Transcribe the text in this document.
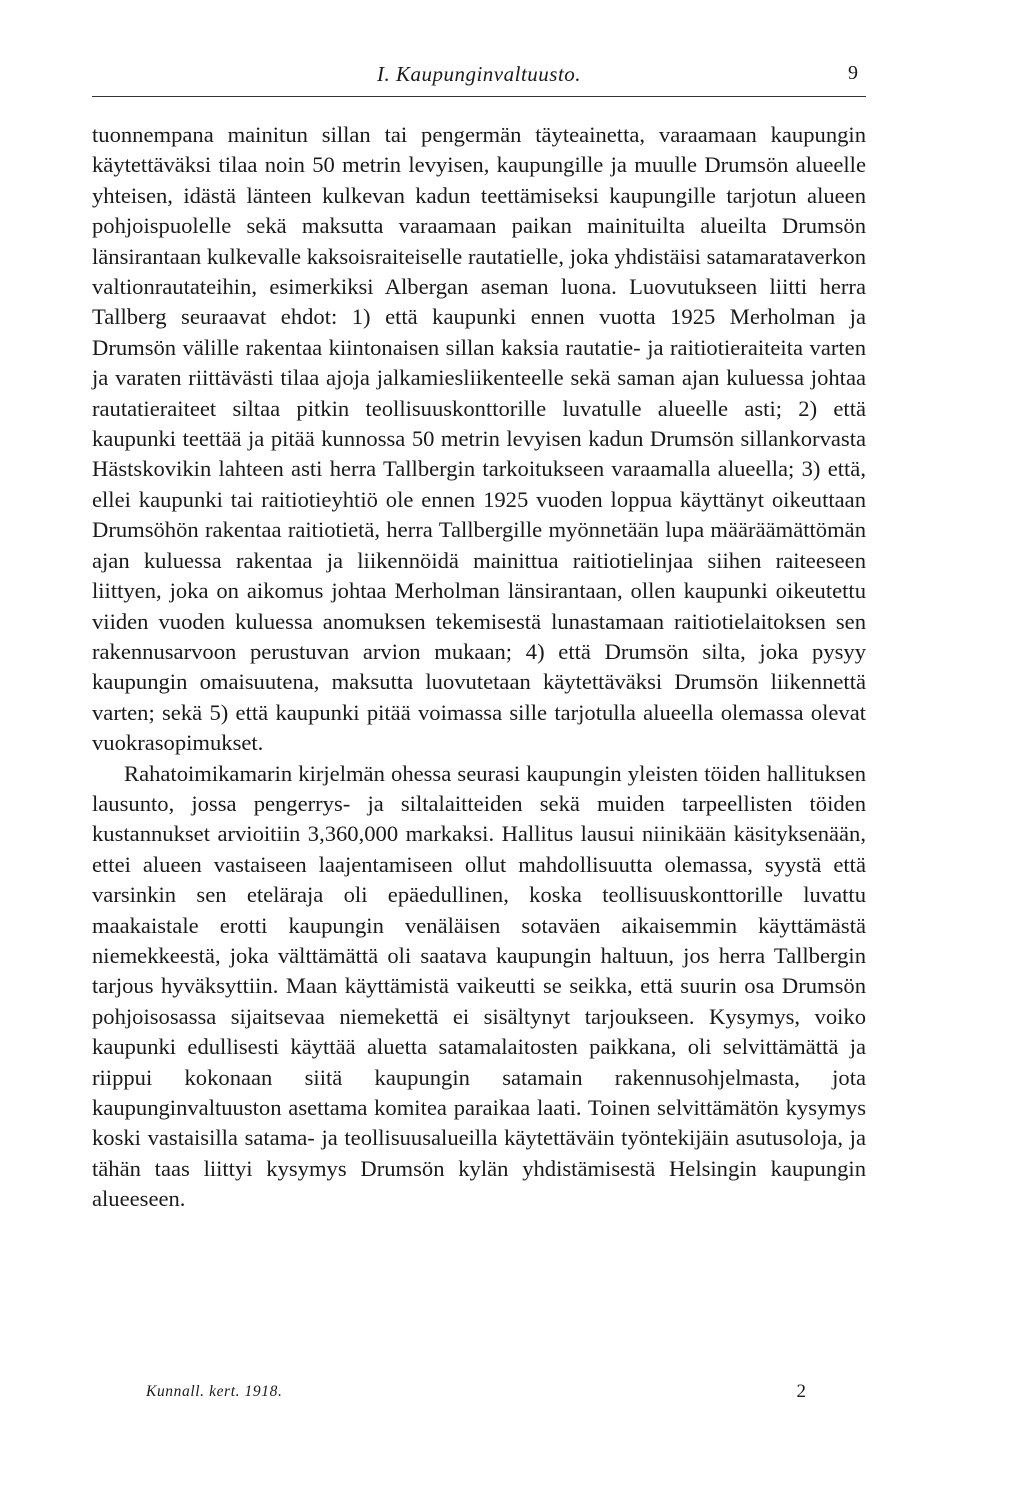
I. Kaupunginvaltuusto.	9

tuonnempana mainitun sillan tai pengermän täyteainetta, varaamaan kaupungin käytettäväksi tilaa noin 50 metrin levyisen, kaupungille ja muulle Drumsön alueelle yhteisen, idästä länteen kulkevan kadun teettämiseksi kaupungille tarjotun alueen pohjoispuolelle sekä maksutta varaamaan paikan mainituilta alueilta Drumsön länsirantaan kulkevalle kaksoisraiteiselle rautatielle, joka yhdistäisi satamarataverkon valtionrautateihin, esimerkiksi Albergan aseman luona. Luovutukseen liitti herra Tallberg seuraavat ehdot: 1) että kaupunki ennen vuotta 1925 Merholman ja Drumsön välille rakentaa kiintonaisen sillan kaksia rautatie- ja raitiotieraiteita varten ja varaten riittävästi tilaa ajoja jalkamiesliikenteelle sekä saman ajan kuluessa johtaa rautatieraiteet siltaa pitkin teollisuuskonttorille luvatulle alueelle asti; 2) että kaupunki teettää ja pitää kunnossa 50 metrin levyisen kadun Drumsön sillankorvasta Hästskovikin lahteen asti herra Tallbergin tarkoitukseen varaamalla alueella; 3) että, ellei kaupunki tai raitiotieyhtiö ole ennen 1925 vuoden loppua käyttänyt oikeuttaan Drumsöhön rakentaa raitiotietä, herra Tallbergille myönnetään lupa määräämättömän ajan kuluessa rakentaa ja liikennöidä mainittua raitiotielinjaa siihen raiteeseen liittyen, joka on aikomus johtaa Merholman länsirantaan, ollen kaupunki oikeutettu viiden vuoden kuluessa anomuksen tekemisestä lunastamaan raitiotielaitoksen sen rakennusarvoon perustuvan arvion mukaan; 4) että Drumsön silta, joka pysyy kaupungin omaisuutena, maksutta luovutetaan käytettäväksi Drumsön liikennettä varten; sekä 5) että kaupunki pitää voimassa sille tarjotulla alueella olemassa olevat vuokrasopimukset.

Rahatoimikamarin kirjelmän ohessa seurasi kaupungin yleisten töiden hallituksen lausunto, jossa pengerrys- ja siltalaitteiden sekä muiden tarpeellisten töiden kustannukset arvioitiin 3,360,000 markaksi. Hallitus lausui niinikään käsityksenään, ettei alueen vastaiseen laajentamiseen ollut mahdollisuutta olemassa, syystä että varsinkin sen eteläraja oli epäedullinen, koska teollisuuskonttorille luvattu maakaistale erotti kaupungin venäläisen sotaväen aikaisemmin käyttämästä niemekkeestä, joka välttämättä oli saatava kaupungin haltuun, jos herra Tallbergin tarjous hyväksyttiin. Maan käyttämistä vaikeutti se seikka, että suurin osa Drumsön pohjoisosassa sijaitsevaa niemekettä ei sisältynyt tarjoukseen. Kysymys, voiko kaupunki edullisesti käyttää aluetta satamalaitosten paikkana, oli selvittämättä ja riippui kokonaan siitä kaupungin satamain rakennusohjelmasta, jota kaupunginvaltuuston asettama komitea paraikaa laati. Toinen selvittämätön kysymys koski vastaisilla satama- ja teollisuusalueilla käytettäväin työntekijäin asutusoloja, ja tähän taas liittyi kysymys Drumsön kylän yhdistämisestä Helsingin kaupungin alueeseen.

Kunnall. kert. 1918.	2
